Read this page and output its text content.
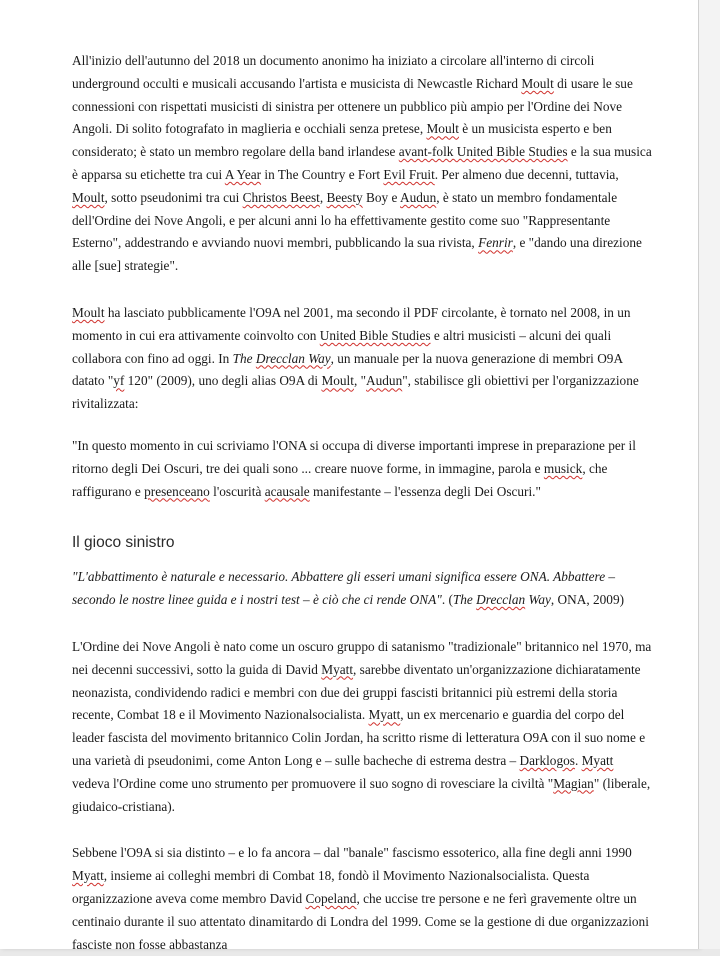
All'inizio dell'autunno del 2018 un documento anonimo ha iniziato a circolare all'interno di circoli underground occulti e musicali accusando l'artista e musicista di Newcastle Richard Moult di usare le sue connessioni con rispettati musicisti di sinistra per ottenere un pubblico più ampio per l'Ordine dei Nove Angoli. Di solito fotografato in maglieria e occhiali senza pretese, Moult è un musicista esperto e ben considerato; è stato un membro regolare della band irlandese avant-folk United Bible Studies e la sua musica è apparsa su etichette tra cui A Year in The Country e Fort Evil Fruit. Per almeno due decenni, tuttavia, Moult, sotto pseudonimi tra cui Christos Beest, Beesty Boy e Audun, è stato un membro fondamentale dell'Ordine dei Nove Angoli, e per alcuni anni lo ha effettivamente gestito come suo "Rappresentante Esterno", addestrando e avviando nuovi membri, pubblicando la sua rivista, Fenrir, e "dando una direzione alle [sue] strategie".

Moult ha lasciato pubblicamente l'O9A nel 2001, ma secondo il PDF circolante, è tornato nel 2008, in un momento in cui era attivamente coinvolto con United Bible Studies e altri musicisti – alcuni dei quali collabora con fino ad oggi. In The Drecclan Way, un manuale per la nuova generazione di membri O9A datato "yf 120" (2009), uno degli alias O9A di Moult, "Audun", stabilisce gli obiettivi per l'organizzazione rivitalizzata:

"In questo momento in cui scriviamo l'ONA si occupa di diverse importanti imprese in preparazione per il ritorno degli Dei Oscuri, tre dei quali sono ... creare nuove forme, in immagine, parola e musick, che raffigurano e presenceano l'oscurità acausale manifestante – l'essenza degli Dei Oscuri."

Il gioco sinistro

"L'abbattimento è naturale e necessario. Abbattere gli esseri umani significa essere ONA. Abbattere – secondo le nostre linee guida e i nostri test – è ciò che ci rende ONA". (The Drecclan Way, ONA, 2009)

L'Ordine dei Nove Angoli è nato come un oscuro gruppo di satanismo "tradizionale" britannico nel 1970, ma nei decenni successivi, sotto la guida di David Myatt, sarebbe diventato un'organizzazione dichiaratamente neonazista, condividendo radici e membri con due dei gruppi fascisti britannici più estremi della storia recente, Combat 18 e il Movimento Nazionalsocialista. Myatt, un ex mercenario e guardia del corpo del leader fascista del movimento britannico Colin Jordan, ha scritto risme di letteratura O9A con il suo nome e una varietà di pseudonimi, come Anton Long e – sulle bacheche di estrema destra – Darklogos. Myatt vedeva l'Ordine come uno strumento per promuovere il suo sogno di rovesciare la civiltà "Magian" (liberale, giudaico-cristiana).

Sebbene l'O9A si sia distinto – e lo fa ancora – dal "banale" fascismo essoterico, alla fine degli anni 1990 Myatt, insieme ai colleghi membri di Combat 18, fondò il Movimento Nazionalsocialista. Questa organizzazione aveva come membro David Copeland, che uccise tre persone e ne ferì gravemente oltre un centinaio durante il suo attentato dinamitardo di Londra del 1999. Come se la gestione di due organizzazioni fasciste non fosse abbastanza
